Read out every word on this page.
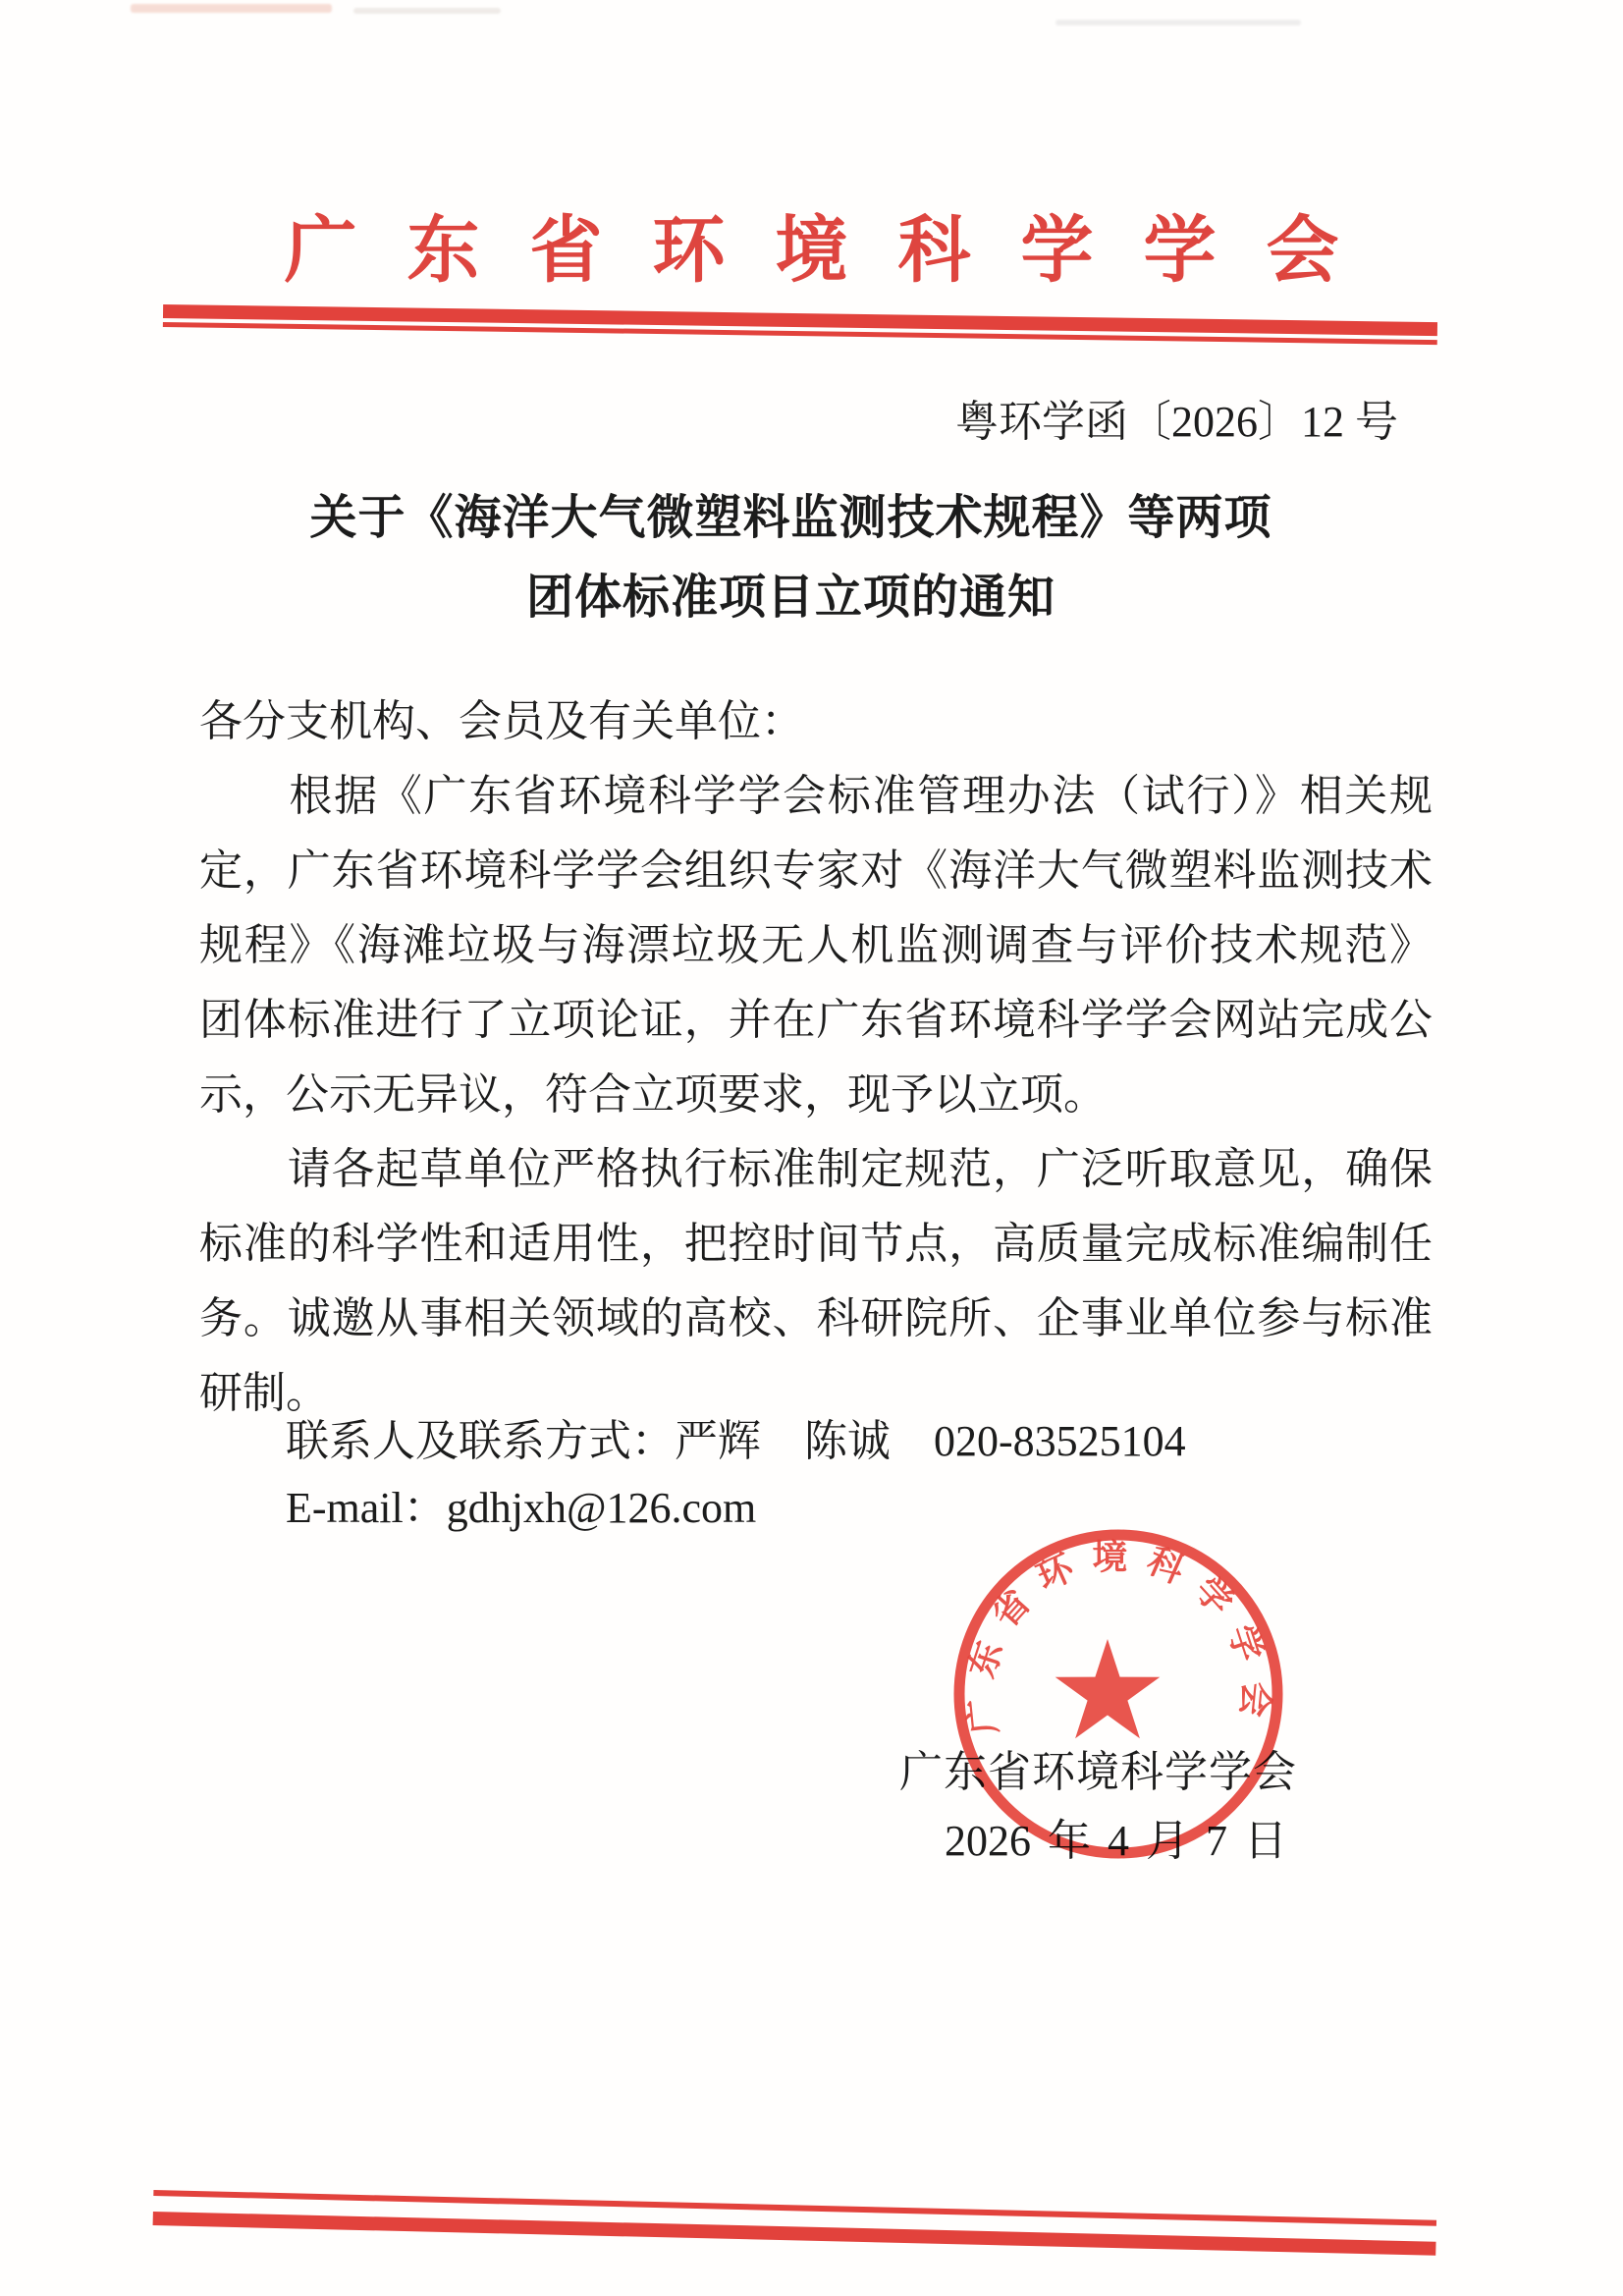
广东省环境科学学会
粤环学函〔2026〕12 号
关于《海洋大气微塑料监测技术规程》等两项
团体标准项目立项的通知
各分支机构、会员及有关单位：
　　根据《广东省环境科学学会标准管理办法（试行）》相关规
定，广东省环境科学学会组织专家对《海洋大气微塑料监测技术
规程》《海滩垃圾与海漂垃圾无人机监测调查与评价技术规范》
团体标准进行了立项论证，并在广东省环境科学学会网站完成公
示，公示无异议，符合立项要求，现予以立项。
　　请各起草单位严格执行标准制定规范，广泛听取意见，确保
标准的科学性和适用性，把控时间节点，高质量完成标准编制任
务。诚邀从事相关领域的高校、科研院所、企事业单位参与标准
研制。
联系人及联系方式：严辉　陈诚　020-83525104
E-mail：gdhjxh@126.com
广东省环境科学学会
2026 年 4 月 7 日
广东省环境科学学会
